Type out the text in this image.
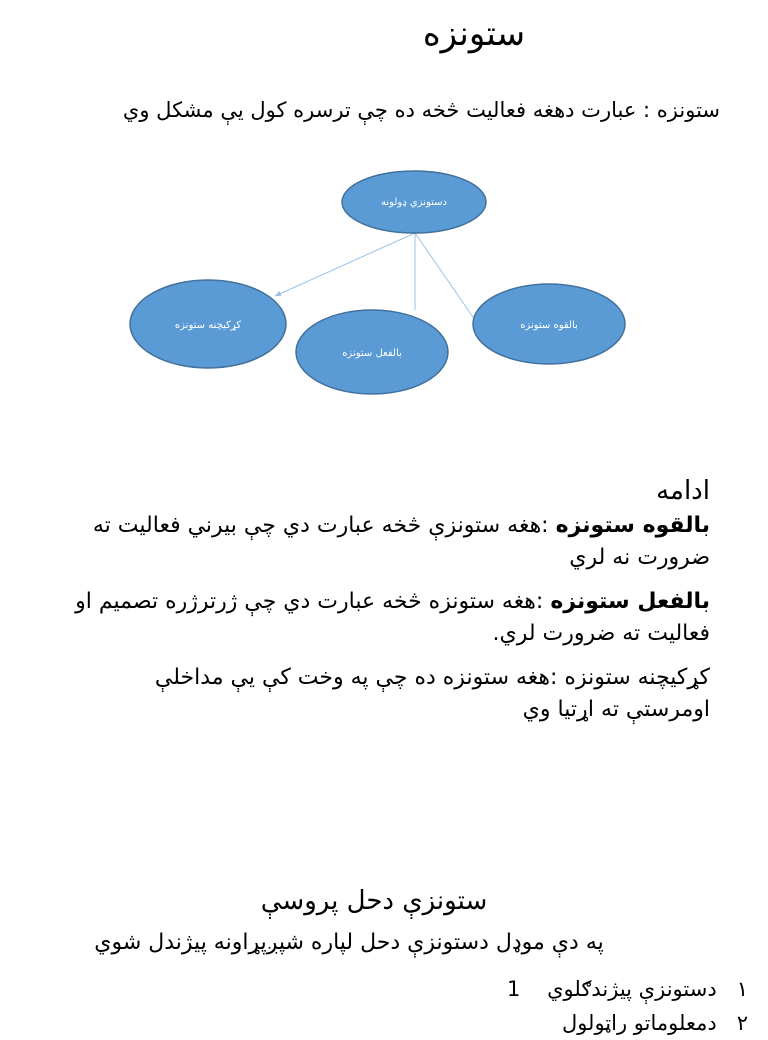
ستونزه
ستونزه : عبارت دهغه فعالیت څخه ده چې ترسره کول یې مشکل وي
دستونزي ډولونه
کړکیچنه ستونزه
بالفعل ستونزه
بالقوه ستونزه
ادامه
بالقوه ستونزه :هغه ستونزې څخه عبارت دي چې بیرني فعالیت ته ضرورت نه لري
بالفعل ستونزه :هغه ستونزه څخه عبارت دي چې ژرترژره تصمیم او فعالیت ته ضرورت لري.
کړکیچنه ستونزه :هغه ستونزه ده چې په وخت کې یې مداخلې اومرستې ته اړتیا وي
ستونزې دحل پروسې
په دې موډل دستونزې دحل لپاره شپږپړاونه پیژندل شوي
۱   دستونزې پیژندګلوي    1
۲   دمعلوماتو راټولول
